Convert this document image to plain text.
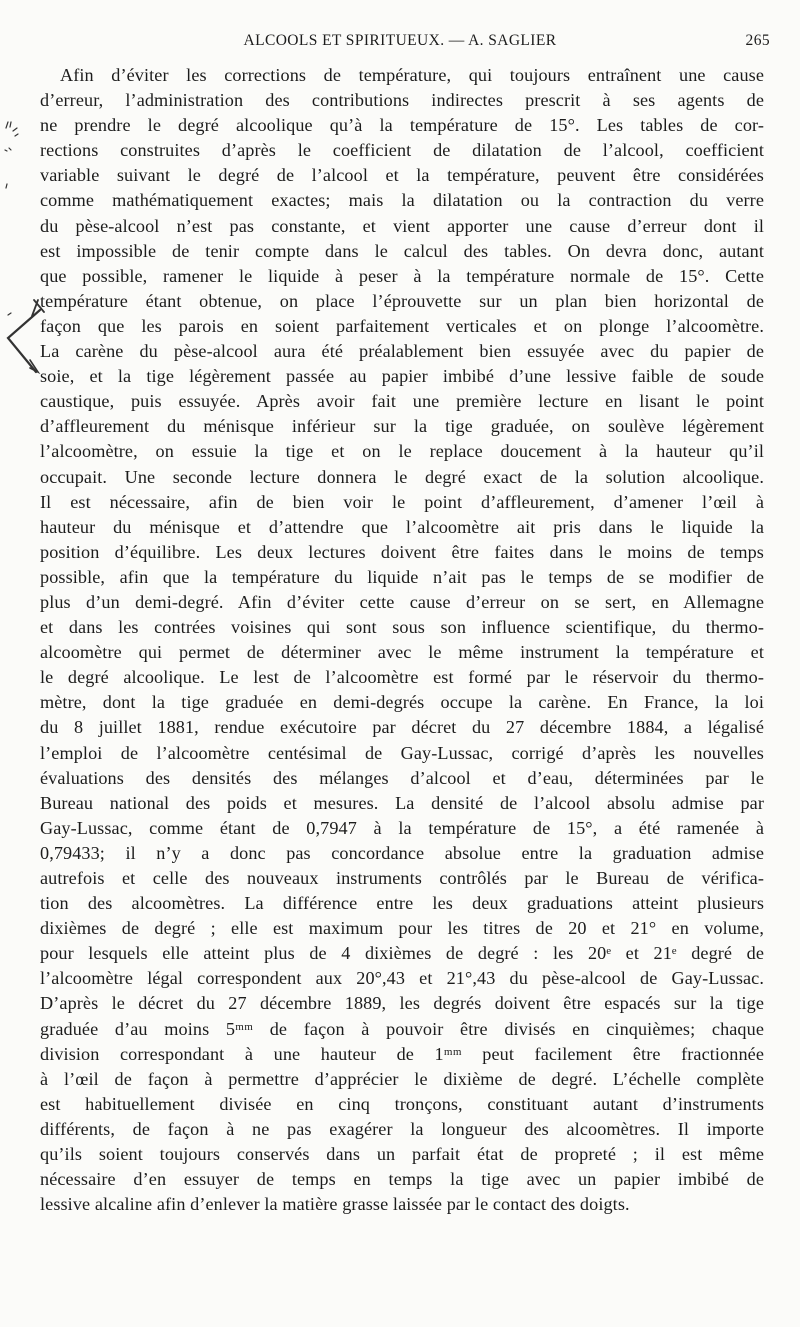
ALCOOLS ET SPIRITUEUX. — A. SAGLIER	265
Afin d’éviter les corrections de température, qui toujours entraînent une cause
d’erreur, l’administration des contributions indirectes prescrit à ses agents de
ne prendre le degré alcoolique qu’à la température de 15°. Les tables de cor-
rections construites d’après le coefficient de dilatation de l’alcool, coefficient
variable suivant le degré de l’alcool et la température, peuvent être considérées
comme mathématiquement exactes; mais la dilatation ou la contraction du verre
du pèse-alcool n’est pas constante, et vient apporter une cause d’erreur dont il
est impossible de tenir compte dans le calcul des tables. On devra donc, autant
que possible, ramener le liquide à peser à la température normale de 15°. Cette
température étant obtenue, on place l’éprouvette sur un plan bien horizontal de
façon que les parois en soient parfaitement verticales et on plonge l’alcoomètre.
La carène du pèse-alcool aura été préalablement bien essuyée avec du papier de
soie, et la tige légèrement passée au papier imbibé d’une lessive faible de soude
caustique, puis essuyée. Après avoir fait une première lecture en lisant le point
d’affleurement du ménisque inférieur sur la tige graduée, on soulève légèrement
l’alcoomètre, on essuie la tige et on le replace doucement à la hauteur qu’il
occupait. Une seconde lecture donnera le degré exact de la solution alcoolique.
Il est nécessaire, afin de bien voir le point d’affleurement, d’amener l’œil à
hauteur du ménisque et d’attendre que l’alcoomètre ait pris dans le liquide la
position d’équilibre. Les deux lectures doivent être faites dans le moins de temps
possible, afin que la température du liquide n’ait pas le temps de se modifier de
plus d’un demi-degré. Afin d’éviter cette cause d’erreur on se sert, en Allemagne
et dans les contrées voisines qui sont sous son influence scientifique, du thermo-
alcoomètre qui permet de déterminer avec le même instrument la température et
le degré alcoolique. Le lest de l’alcoomètre est formé par le réservoir du thermo-
mètre, dont la tige graduée en demi-degrés occupe la carène. En France, la loi
du 8 juillet 1881, rendue exécutoire par décret du 27 décembre 1884, a légalisé
l’emploi de l’alcoomètre centésimal de Gay-Lussac, corrigé d’après les nouvelles
évaluations des densités des mélanges d’alcool et d’eau, déterminées par le
Bureau national des poids et mesures. La densité de l’alcool absolu admise par
Gay-Lussac, comme étant de 0,7947 à la température de 15°, a été ramenée à
0,79433; il n’y a donc pas concordance absolue entre la graduation admise
autrefois et celle des nouveaux instruments contrôlés par le Bureau de vérifica-
tion des alcoomètres. La différence entre les deux graduations atteint plusieurs
dixièmes de degré ; elle est maximum pour les titres de 20 et 21° en volume,
pour lesquels elle atteint plus de 4 dixièmes de degré : les 20ᵉ et 21ᵉ degré de
l’alcoomètre légal correspondent aux 20°,43 et 21°,43 du pèse-alcool de Gay-Lussac.
D’après le décret du 27 décembre 1889, les degrés doivent être espacés sur la tige
graduée d’au moins 5ᵐᵐ de façon à pouvoir être divisés en cinquièmes; chaque
division correspondant à une hauteur de 1ᵐᵐ peut facilement être fractionnée
à l’œil de façon à permettre d’apprécier le dixième de degré. L’échelle complète
est habituellement divisée en cinq tronçons, constituant autant d’instruments
différents, de façon à ne pas exagérer la longueur des alcoomètres. Il importe
qu’ils soient toujours conservés dans un parfait état de propreté ; il est même
nécessaire d’en essuyer de temps en temps la tige avec un papier imbibé de
lessive alcaline afin d’enlever la matière grasse laissée par le contact des doigts.
